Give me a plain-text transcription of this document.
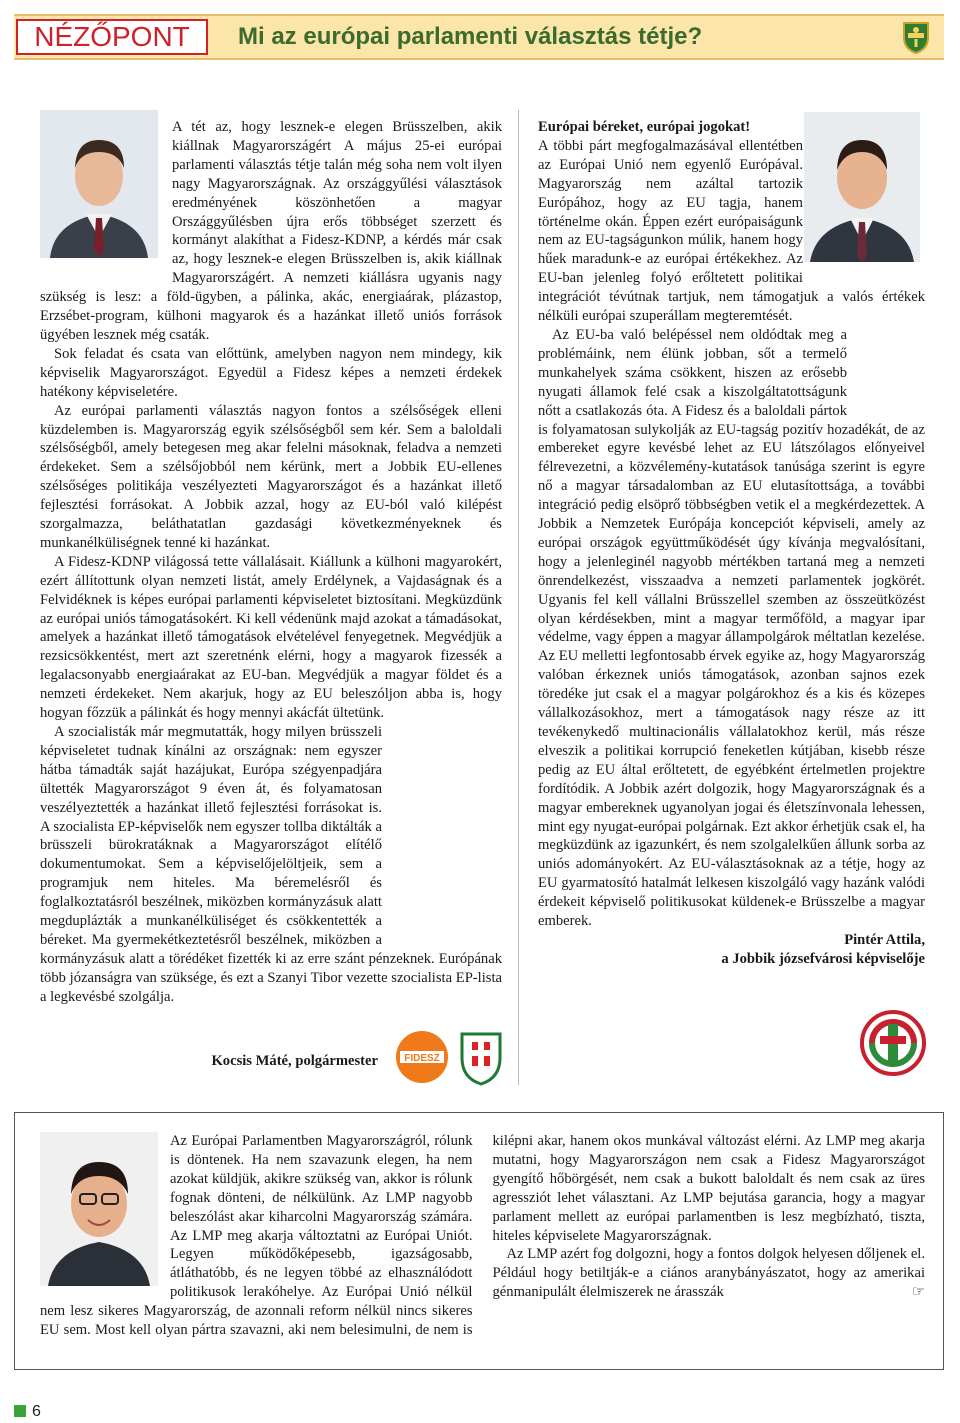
NÉZŐPONT	Mi az európai parlamenti választás tétje?

A tét az, hogy lesznek-e elegen Brüsszelben, akik kiállnak Magyarországért A május 25-ei európai parlamenti választás tétje talán még soha nem volt ilyen nagy Magyarországnak. Az országgyűlési választások eredményének köszönhetően a magyar Országgyűlésben újra erős többséget szerzett és kormányt alakíthat a Fidesz-KDNP, a kérdés már csak az, hogy lesznek-e elegen Brüsszelben is, akik kiállnak Magyarországért. A nemzeti kiállásra ugyanis nagy szükség is lesz: a föld-ügyben, a pálinka, akác, energiaárak, plázastop, Erzsébet-program, külhoni magyarok és a hazánkat illető uniós források ügyében lesznek még csaták.

Sok feladat és csata van előttünk, amelyben nagyon nem mindegy, kik képviselik Magyarországot. Egyedül a Fidesz képes a nemzeti érdekek hatékony képviseletére.

Az európai parlamenti választás nagyon fontos a szélsőségek elleni küzdelemben is. Magyarország egyik szélsőségből sem kér. Sem a baloldali szélsőségből, amely betegesen meg akar felelni másoknak, feladva a nemzeti érdekeket. Sem a szélsőjobból nem kérünk, mert a Jobbik EU-ellenes szélsőséges politikája veszélyezteti Magyarországot és a hazánkat illető fejlesztési forrásokat. A Jobbik azzal, hogy az EU-ból való kilépést szorgalmazza, beláthatatlan gazdasági következményeknek és munkanélküliségnek tenné ki hazánkat.

A Fidesz-KDNP világossá tette vállalásait. Kiállunk a külhoni magyarokért, ezért állítottunk olyan nemzeti listát, amely Erdélynek, a Vajdaságnak és a Felvidéknek is képes európai parlamenti képviseletet biztosítani. Megküzdünk az európai uniós támogatásokért. Ki kell védenünk majd azokat a támadásokat, amelyek a hazánkat illető támogatások elvételével fenyegetnek. Megvédjük a rezsicsökkentést, mert azt szeretnénk elérni, hogy a magyarok fizessék a legalacsonyabb energiaárakat az EU-ban. Megvédjük a magyar földet és a nemzeti érdekeket. Nem akarjuk, hogy az EU beleszóljon abba is, hogy hogyan főzzük a pálinkát és hogy mennyi akácfát ültetünk.

A szocialisták már megmutatták, hogy milyen brüsszeli képviseletet tudnak kínálni az országnak: nem egyszer hátba támadták saját hazájukat, Európa szégyenpadjára ültették Magyarországot 9 éven át, és folyamatosan veszélyeztették a hazánkat illető fejlesztési forrásokat is. A szocialista EP-képviselők nem egyszer tollba diktálták a brüsszeli bürokratáknak a Magyarországot elítélő dokumentumokat. Sem a képviselőjelöltjeik, sem a programjuk nem hiteles. Ma béremelésről és foglalkoztatásról beszélnek, miközben kormányzásuk alatt megduplázták a munkanélküliséget és csökkentették a béreket. Ma gyermekétkeztetésről beszélnek, miközben a kormányzásuk alatt a törédéket fizették ki az erre szánt pénzeknek. Európának több józanságra van szüksége, és ezt a Szanyi Tibor vezette szocialista EP-lista a legkevésbé szolgálja.

Kocsis Máté, polgármester	FIDESZ

Európai béreket, európai jogokat!

A többi párt megfogalmazásával ellentétben az Európai Unió nem egyenlő Európával. Magyarország nem azáltal tartozik Európához, hogy az EU tagja, hanem történelme okán. Éppen ezért európaiságunk nem az EU-tagságunkon múlik, hanem hogy hűek maradunk-e az európai értékekhez. Az EU-ban jelenleg folyó erőltetett politikai integrációt tévútnak tartjuk, nem támogatjuk a valós értékek nélküli európai szuperállam megteremtését.

Az EU-ba való belépéssel nem oldódtak meg a problémáink, nem élünk jobban, sőt a termelő munkahelyek száma csökkent, hiszen az erősebb nyugati államok felé csak a kiszolgáltatottságunk nőtt a csatlakozás óta. A Fidesz és a baloldali pártok is folyamatosan sulykolják az EU-tagság pozitív hozadékát, de az embereket egyre kevésbé lehet az EU látszólagos előnyeivel félrevezetni, a közvélemény-kutatások tanúsága szerint is egyre nő a magyar társadalomban az EU elutasítottsága, a további integráció pedig elsöprő többségben vetik el a megkérdezettek. A Jobbik a Nemzetek Európája koncepciót képviseli, amely az európai országok együttműködését úgy kívánja megvalósítani, hogy a jelenleginél nagyobb mértékben tartaná meg a nemzeti önrendelkezést, visszaadva a nemzeti parlamentek jogkörét. Ugyanis fel kell vállalni Brüsszellel szemben az összeütközést olyan kérdésekben, mint a magyar termőföld, a magyar ipar védelme, vagy éppen a magyar állampolgárok méltatlan kezelése. Az EU melletti legfontosabb érvek egyike az, hogy Magyarország valóban érkeznek uniós támogatások, azonban sajnos ezek töredéke jut csak el a magyar polgárokhoz és a kis és közepes vállalkozásokhoz, mert a támogatások nagy része az itt tevékenykedő multinacionális vállalatokhoz kerül, más része elveszik a politikai korrupció feneketlen kútjában, kisebb része pedig az EU által erőltetett, de egyébként értelmetlen projektre fordítódik. A Jobbik azért dolgozik, hogy Magyarországnak és a magyar embereknek ugyanolyan jogai és életszínvonala lehessen, mint egy nyugat-európai polgárnak. Ezt akkor érhetjük csak el, ha megküzdünk az igazunkért, és nem szolgalelkűen állunk sorba az uniós adományokért. Az EU-választásoknak az a tétje, hogy az EU gyarmatosító hatalmát lelkesen kiszolgáló vagy hazánk valódi érdekeit képviselő politikusokat küldenek-e Brüsszelbe a magyar emberek.

Pintér Attila,

a Jobbik józsefvárosi képviselője

Az Európai Parlamentben Magyarországról, rólunk is döntenek. Ha nem szavazunk elegen, ha nem azokat küldjük, akikre szükség van, akkor is rólunk fognak dönteni, de nélkülünk. Az LMP nagyobb beleszólást akar kiharcolni Magyarország számára. Az LMP meg akarja változtatni az Európai Uniót. Legyen működőképesebb, igazságosabb, átláthatóbb, és ne legyen többé az elhasználódott politikusok lerakóhelye. Az Európai Unió nélkül nem lesz sikeres Magyarország, de azonnali reform nélkül nincs sikeres EU sem. Most kell olyan pártra szavazni, aki nem belesimulni, de nem is kilépni akar, hanem okos munkával változást elérni. Az LMP meg akarja mutatni, hogy Magyarországon nem csak a Fidesz Magyarországot gyengítő hőbörgését, nem csak a bukott baloldalt és nem csak az üres agressziót lehet választani. Az LMP bejutása garancia, hogy a magyar parlament mellett az európai parlamentben is lesz megbízható, tiszta, hiteles képviselete Magyarországnak.

Az LMP azért fog dolgozni, hogy a fontos dolgok helyesen dőljenek el. Például hogy betiltják-e a ciános aranybányászatot, hogy az amerikai génmanipulált élelmiszerek ne árasszák	☞

6
